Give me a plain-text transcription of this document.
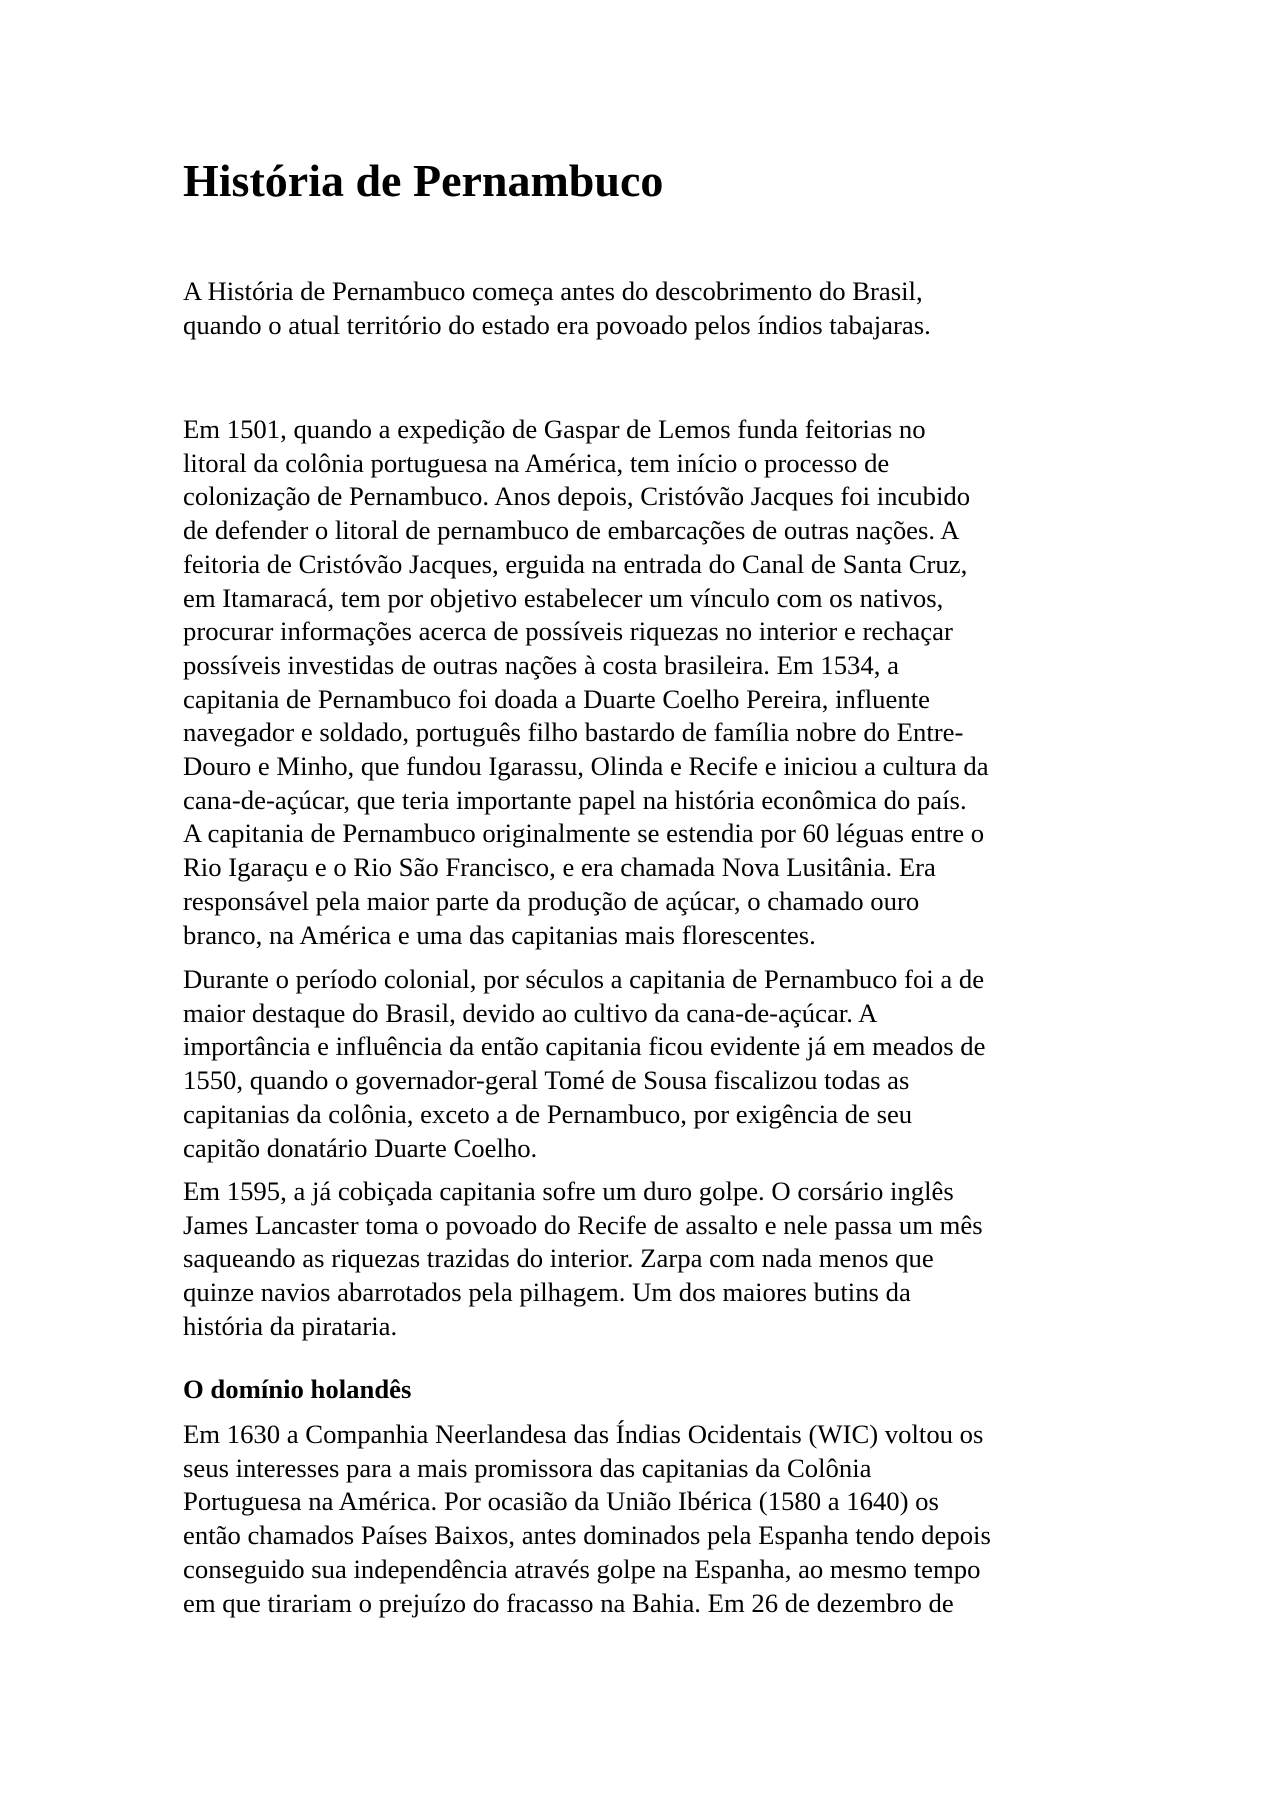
História de Pernambuco

A História de Pernambuco começa antes do descobrimento do Brasil,
quando o atual território do estado era povoado pelos índios tabajaras.

Em 1501, quando a expedição de Gaspar de Lemos funda feitorias no
litoral da colônia portuguesa na América, tem início o processo de
colonização de Pernambuco. Anos depois, Cristóvão Jacques foi incubido
de defender o litoral de pernambuco de embarcações de outras nações. A
feitoria de Cristóvão Jacques, erguida na entrada do Canal de Santa Cruz,
em Itamaracá, tem por objetivo estabelecer um vínculo com os nativos,
procurar informações acerca de possíveis riquezas no interior e rechaçar
possíveis investidas de outras nações à costa brasileira. Em 1534, a
capitania de Pernambuco foi doada a Duarte Coelho Pereira, influente
navegador e soldado, português filho bastardo de família nobre do Entre-
Douro e Minho, que fundou Igarassu, Olinda e Recife e iniciou a cultura da
cana-de-açúcar, que teria importante papel na história econômica do país.
A capitania de Pernambuco originalmente se estendia por 60 léguas entre o
Rio Igaraçu e o Rio São Francisco, e era chamada Nova Lusitânia. Era
responsável pela maior parte da produção de açúcar, o chamado ouro
branco, na América e uma das capitanias mais florescentes.

Durante o período colonial, por séculos a capitania de Pernambuco foi a de
maior destaque do Brasil, devido ao cultivo da cana-de-açúcar. A
importância e influência da então capitania ficou evidente já em meados de
1550, quando o governador-geral Tomé de Sousa fiscalizou todas as
capitanias da colônia, exceto a de Pernambuco, por exigência de seu
capitão donatário Duarte Coelho.

Em 1595, a já cobiçada capitania sofre um duro golpe. O corsário inglês
James Lancaster toma o povoado do Recife de assalto e nele passa um mês
saqueando as riquezas trazidas do interior. Zarpa com nada menos que
quinze navios abarrotados pela pilhagem. Um dos maiores butins da
história da pirataria.

O domínio holandês

Em 1630 a Companhia Neerlandesa das Índias Ocidentais (WIC) voltou os
seus interesses para a mais promissora das capitanias da Colônia
Portuguesa na América. Por ocasião da União Ibérica (1580 a 1640) os
então chamados Países Baixos, antes dominados pela Espanha tendo depois
conseguido sua independência através golpe na Espanha, ao mesmo tempo
em que tirariam o prejuízo do fracasso na Bahia. Em 26 de dezembro de
